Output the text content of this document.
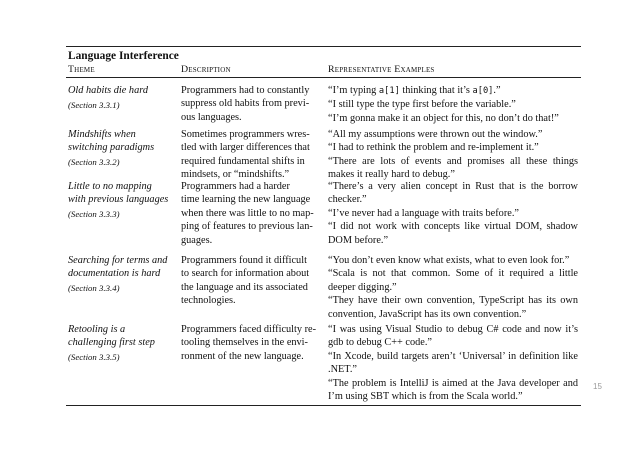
Language Interference
Theme	Description	Representative Examples
Old habits die hard
(Section 3.3.1)
Programmers had to constantly
suppress old habits from previ-
ous languages.
“I’m typing a[1] thinking that it’s a[0].”
“I still type the type first before the variable.”
“I’m gonna make it an object for this, no don’t do that!”
Mindshifts when
switching paradigms
(Section 3.3.2)
Sometimes programmers wres-
tled with larger differences that
required fundamental shifts in
mindsets, or “mindshifts.”
“All my assumptions were thrown out the window.”
“I had to rethink the problem and re-implement it.”
“There are lots of events and promises all these things makes it really hard to debug.”
Little to no mapping
with previous languages
(Section 3.3.3)
Programmers had a harder
time learning the new language
when there was little to no map-
ping of features to previous lan-
guages.
“There’s a very alien concept in Rust that is the borrow checker.”
“I’ve never had a language with traits before.”
“I did not work with concepts like virtual DOM, shadow DOM before.”
Searching for terms and
documentation is hard
(Section 3.3.4)
Programmers found it difficult
to search for information about
the language and its associated
technologies.
“You don’t even know what exists, what to even look for.”
“Scala is not that common. Some of it required a little deeper digging.”
“They have their own convention, TypeScript has its own convention, JavaScript has its own convention.”
Retooling is a
challenging first step
(Section 3.3.5)
Programmers faced difficulty re-
tooling themselves in the envi-
ronment of the new language.
“I was using Visual Studio to debug C# code and now it’s gdb to debug C++ code.”
“In Xcode, build targets aren’t ‘Universal’ in definition like .NET.”
“The problem is IntelliJ is aimed at the Java developer and I’m using SBT which is from the Scala world.”
15
